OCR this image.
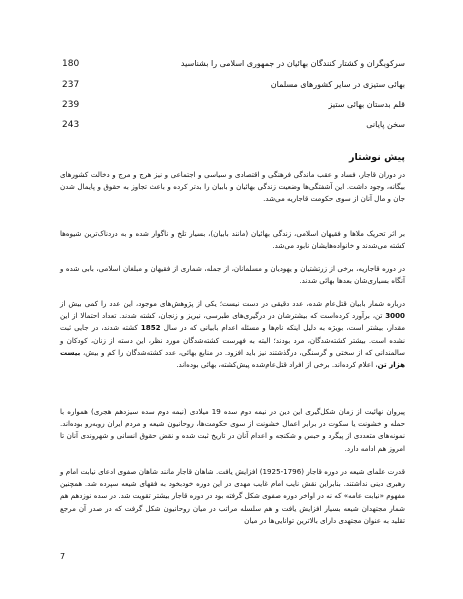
180	سرکوبگران و کشتار کنندگان بهائیان در جمهوری اسلامی را بشناسید
237	بهائی ستیزی در سایر کشورهای مسلمان
239	قلم بدستان بهائی ستیز
243	سخن پایانی
پیش نوشتار

در دوران قاجار، فساد و عقب ماندگی فرهنگی و اقتصادی و سیاسی و اجتماعی و نیز هرج و مرج و دخالت کشورهای بیگانه، وجود داشت. این آشفتگی‌ها وضعیت زندگی بهائیان و بابیان را بدتر کرده و باعث تجاوز به حقوق و پایمال شدن جان و مال آنان از سوی حکومت قاجاریه می‌شد.

بر اثر تحریک ملاها و فقیهان اسلامی، زندگی بهائیان (مانند بابیان)، بسیار تلخ و ناگوار شده و به دردناک‌ترین شیوه‌ها کشته می‌شدند و خانواده‌هایشان نابود می‌شد.

در دوره قاجاریه، برخی از زرتشتیان و یهودیان و مسلمانان، از جمله، شماری از فقیهان و مبلغان اسلامی، بابی شده و آنگاه بسیاری‌شان بعدها بهائی شدند.

درباره شمار بابیان قتل‌عام شده، عدد دقیقی در دست نیست؛ یکی از پژوهش‌های موجود، این عدد را کمی بیش از 3000 تن، برآورد کرده‌است که بیشترشان در درگیری‌های طبرسی، نیریز و زنجان، کشته شدند. تعداد احتمالا از این مقدار، بیشتر است، بویژه به دلیل اینکه نام‌ها و مسئله اعدام بابیانی که در سال 1852 کشته شدند، در جایی ثبت نشده است. بیشتر کشته‌شدگان، مرد بودند؛ البته به فهرست کشته‌شدگان مورد نظر، این دسته از زنان، کودکان و سالمندانی که از سختی و گرسنگی، درگذشتند نیز باید افزود. در منابع بهائی، عدد کشته‌شدگان را کم و بیش، بیست هزار تن، اعلام کرده‌اند. برخی از افراد قتل‌عام‌شده پیش‌کشته، بهائی بوده‌اند.

پیروان نهائیت از زمان شکل‌گیری این دین در نیمه دوم سده 19 میلادی (نیمه دوم سده سیزدهم هجری) همواره با حمله و خشونت یا سکوت در برابر اعمال خشونت از سوی حکومت‌ها، روحانیون شیعه و مردم ایران روبه‌رو بوده‌اند. نمونه‌های متعددی از پیگرد و حبس و شکنجه و اعدام آنان در تاریخ ثبت شده و نقض حقوق انسانی و شهروندی آنان تا امروز هم ادامه دارد.

قدرت علمای شیعه در دوره قاجار (1796-1925) افزایش یافت. شاهان قاجار مانند شاهان صفوی ادعای نیابت امام و رهبری دینی نداشتند. بنابراین نقش نایب امام غایب مهدی در این دوره خودبخود به فقهای شیعه سپرده شد. همچنین مفهوم «نیابت عامه» که نه در اواخر دوره صفوی شکل گرفته بود در دوره قاجار بیشتر تقویت شد. در سده نوزدهم هم شمار مجتهدان شیعه بسیار افزایش یافت و هم سلسله مراتب در میان روحانیون شکل گرفت که در صدر آن مرجع تقلید به عنوان مجتهدی دارای بالاترین توانایی‌ها در میان

7
